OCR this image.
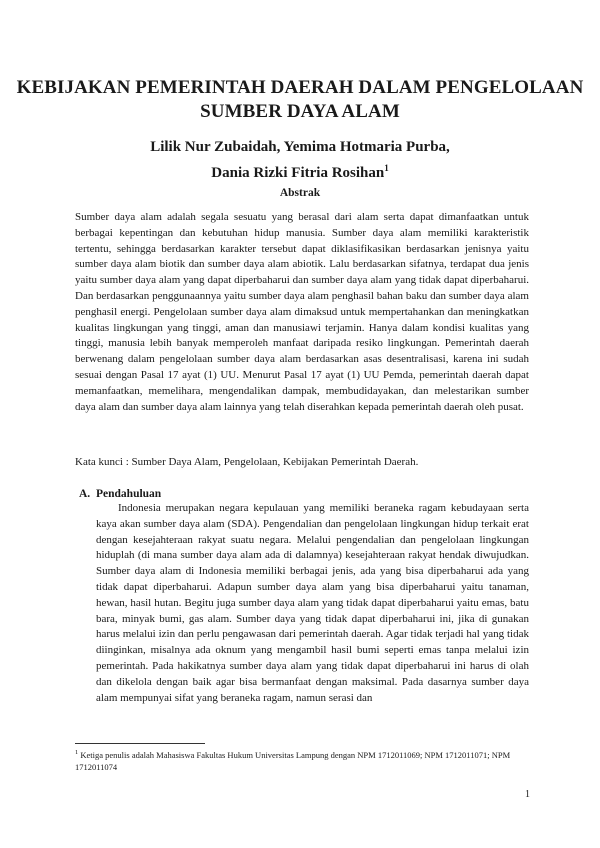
KEBIJAKAN PEMERINTAH DAERAH DALAM PENGELOLAAN SUMBER DAYA ALAM
Lilik Nur Zubaidah, Yemima Hotmaria Purba,
Dania Rizki Fitria Rosihan$^1$
Abstrak

Sumber daya alam adalah segala sesuatu yang berasal dari alam serta dapat dimanfaatkan untuk berbagai kepentingan dan kebutuhan hidup manusia. Sumber daya alam memiliki karakteristik tertentu, sehingga berdasarkan karakter tersebut dapat diklasifikasikan berdasarkan jenisnya yaitu sumber daya alam biotik dan sumber daya alam abiotik. Lalu berdasarkan sifatnya, terdapat dua jenis yaitu sumber daya alam yang dapat diperbaharui dan sumber daya alam yang tidak dapat diperbaharui. Dan berdasarkan penggunaannya yaitu sumber daya alam penghasil bahan baku dan sumber daya alam penghasil energi. Pengelolaan sumber daya alam dimaksud untuk mempertahankan dan meningkatkan kualitas lingkungan yang tinggi, aman dan manusiawi terjamin. Hanya dalam kondisi kualitas yang tinggi, manusia lebih banyak memperoleh manfaat daripada resiko lingkungan. Pemerintah daerah berwenang dalam pengelolaan sumber daya alam berdasarkan asas desentralisasi, karena ini sudah sesuai dengan Pasal 17 ayat (1) UU. Menurut Pasal 17 ayat (1) UU Pemda, pemerintah daerah dapat memanfaatkan, memelihara, mengendalikan dampak, membudidayakan, dan melestarikan sumber daya alam dan sumber daya alam lainnya yang telah diserahkan kepada pemerintah daerah oleh pusat.

Kata kunci : Sumber Daya Alam, Pengelolaan, Kebijakan Pemerintah Daerah.
A. Pendahuluan

Indonesia merupakan negara kepulauan yang memiliki beraneka ragam kebudayaan serta kaya akan sumber daya alam (SDA). Pengendalian dan pengelolaan lingkungan hidup terkait erat dengan kesejahteraan rakyat suatu negara. Melalui pengendalian dan pengelolaan lingkungan hiduplah (di mana sumber daya alam ada di dalamnya) kesejahteraan rakyat hendak diwujudkan. Sumber daya alam di Indonesia memiliki berbagai jenis, ada yang bisa diperbaharui ada yang tidak dapat diperbaharui. Adapun sumber daya alam yang bisa diperbaharui yaitu tanaman, hewan, hasil hutan. Begitu juga sumber daya alam yang tidak dapat diperbaharui yaitu emas, batu bara, minyak bumi, gas alam. Sumber daya yang tidak dapat diperbaharui ini, jika di gunakan harus melalui izin dan perlu pengawasan dari pemerintah daerah. Agar tidak terjadi hal yang tidak diinginkan, misalnya ada oknum yang mengambil hasil bumi seperti emas tanpa melalui izin pemerintah. Pada hakikatnya sumber daya alam yang tidak dapat diperbaharui ini harus di olah dan dikelola dengan baik agar bisa bermanfaat dengan maksimal. Pada dasarnya sumber daya alam mempunyai sifat yang beraneka ragam, namun serasi dan

$^1$ Ketiga penulis adalah Mahasiswa Fakultas Hukum Universitas Lampung dengan NPM 1712011069; NPM 1712011071; NPM 1712011074
1
